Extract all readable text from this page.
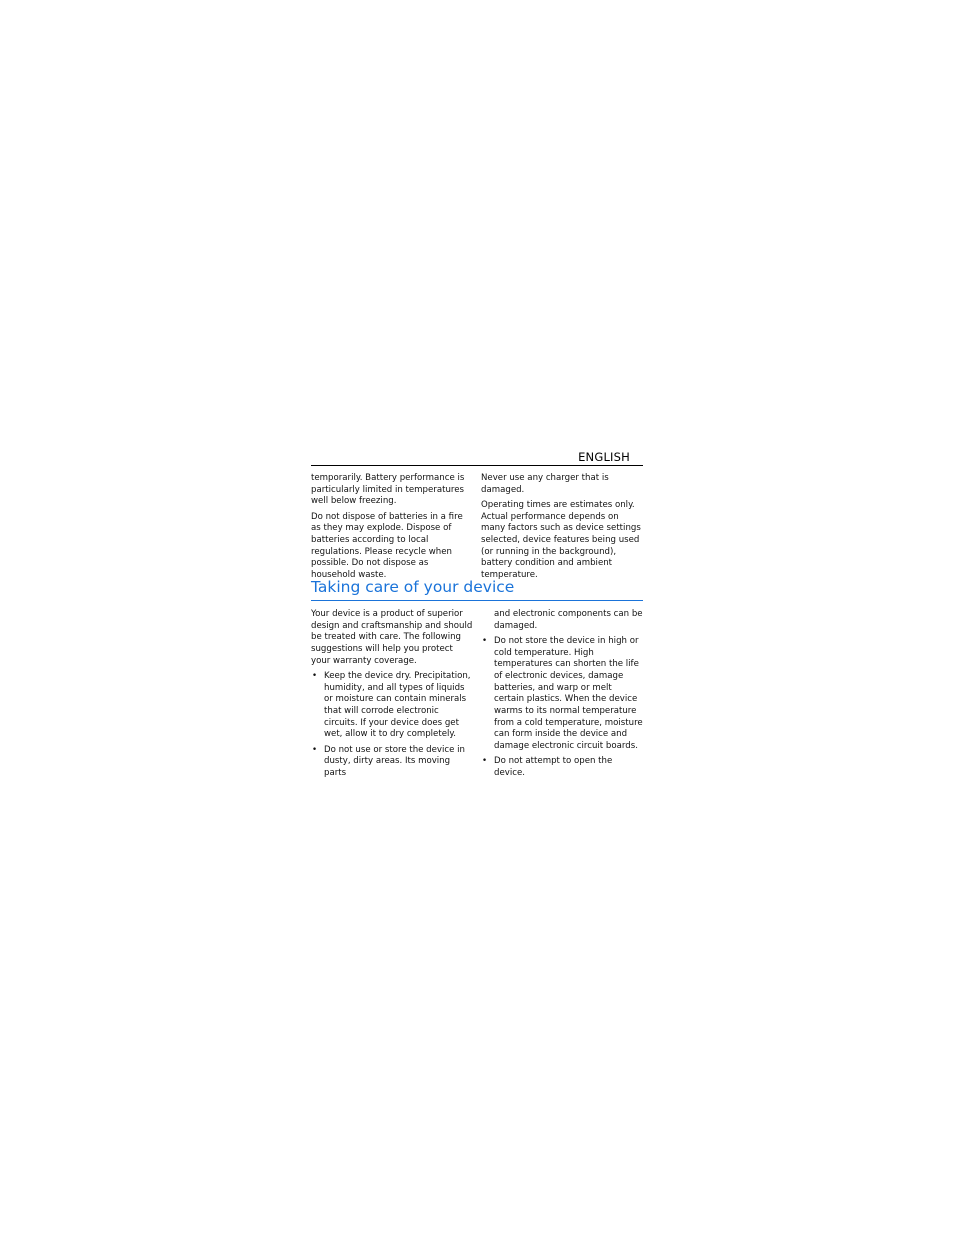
ENGLISH

temporarily. Battery performance is particularly limited in temperatures well below freezing.

Do not dispose of batteries in a fire as they may explode. Dispose of batteries according to local regulations. Please recycle when possible. Do not dispose as household waste.

Never use any charger that is damaged.

Operating times are estimates only. Actual performance depends on many factors such as device settings selected, device features being used (or running in the background), battery condition and ambient temperature.

Taking care of your device

Your device is a product of superior design and craftsmanship and should be treated with care. The following suggestions will help you protect your warranty coverage.

• Keep the device dry. Precipitation, humidity, and all types of liquids or moisture can contain minerals that will corrode electronic circuits. If your device does get wet, allow it to dry completely.
• Do not use or store the device in dusty, dirty areas. Its moving parts

and electronic components can be damaged.

• Do not store the device in high or cold temperature. High temperatures can shorten the life of electronic devices, damage batteries, and warp or melt certain plastics. When the device warms to its normal temperature from a cold temperature, moisture can form inside the device and damage electronic circuit boards.
• Do not attempt to open the device.
